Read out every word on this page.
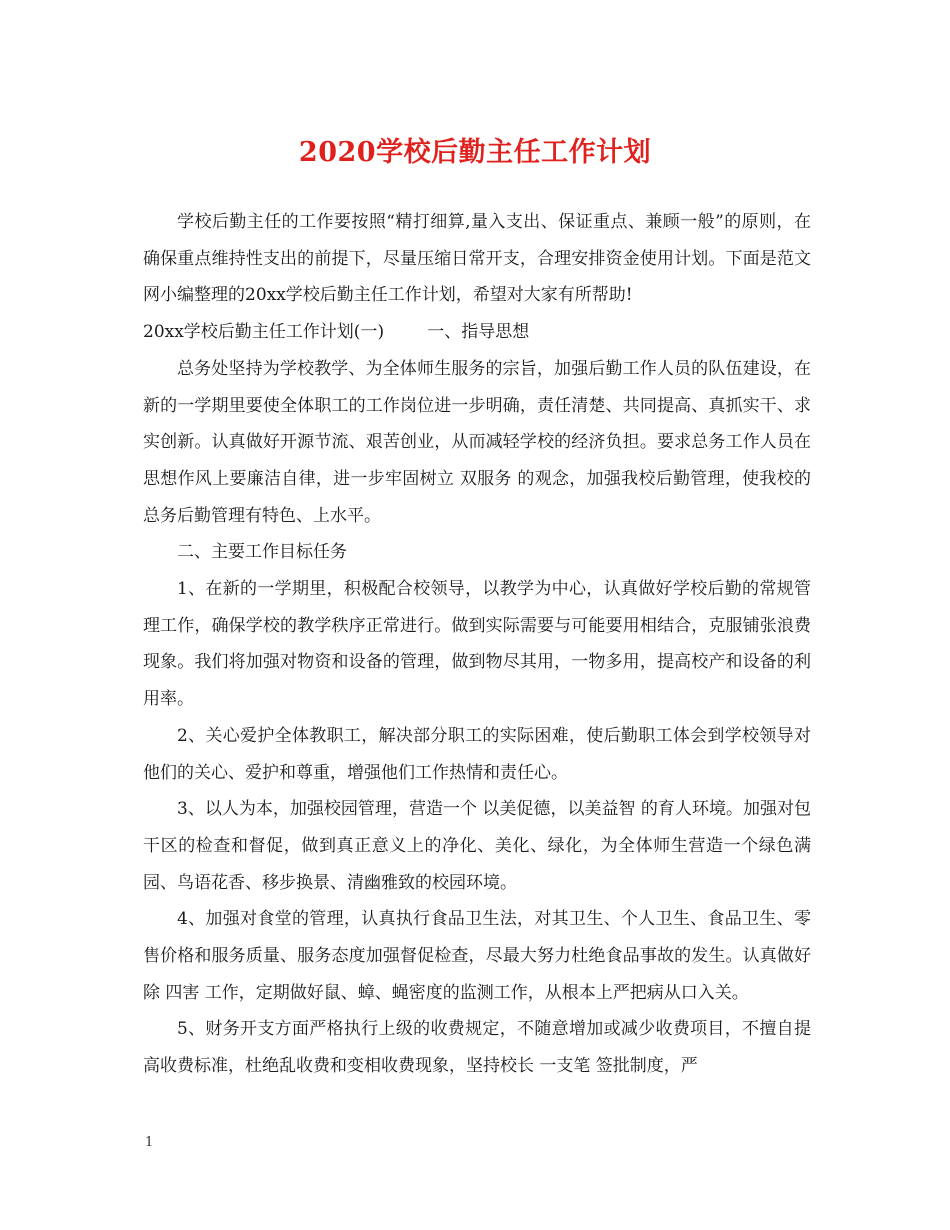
2020学校后勤主任工作计划

学校后勤主任的工作要按照“精打细算,量入支出、保证重点、兼顾一般”的原则，在确保重点维持性支出的前提下，尽量压缩日常开支，合理安排资金使用计划。下面是范文网小编整理的20xx学校后勤主任工作计划，希望对大家有所帮助!

20xx学校后勤主任工作计划(一)        一、指导思想

总务处坚持为学校教学、为全体师生服务的宗旨，加强后勤工作人员的队伍建设，在新的一学期里要使全体职工的工作岗位进一步明确，责任清楚、共同提高、真抓实干、求实创新。认真做好开源节流、艰苦创业，从而减轻学校的经济负担。要求总务工作人员在思想作风上要廉洁自律，进一步牢固树立 双服务 的观念，加强我校后勤管理，使我校的总务后勤管理有特色、上水平。

二、主要工作目标任务

1、在新的一学期里，积极配合校领导，以教学为中心，认真做好学校后勤的常规管理工作，确保学校的教学秩序正常进行。做到实际需要与可能要用相结合，克服铺张浪费现象。我们将加强对物资和设备的管理，做到物尽其用，一物多用，提高校产和设备的利用率。

2、关心爱护全体教职工，解决部分职工的实际困难，使后勤职工体会到学校领导对他们的关心、爱护和尊重，增强他们工作热情和责任心。

3、以人为本，加强校园管理，营造一个 以美促德，以美益智 的育人环境。加强对包干区的检查和督促，做到真正意义上的净化、美化、绿化，为全体师生营造一个绿色满园、鸟语花香、移步换景、清幽雅致的校园环境。

4、加强对食堂的管理，认真执行食品卫生法，对其卫生、个人卫生、食品卫生、零售价格和服务质量、服务态度加强督促检查，尽最大努力杜绝食品事故的发生。认真做好除 四害 工作，定期做好鼠、蟑、蝇密度的监测工作，从根本上严把病从口入关。

5、财务开支方面严格执行上级的收费规定，不随意增加或减少收费项目，不擅自提高收费标准，杜绝乱收费和变相收费现象，坚持校长 一支笔 签批制度，严

1
